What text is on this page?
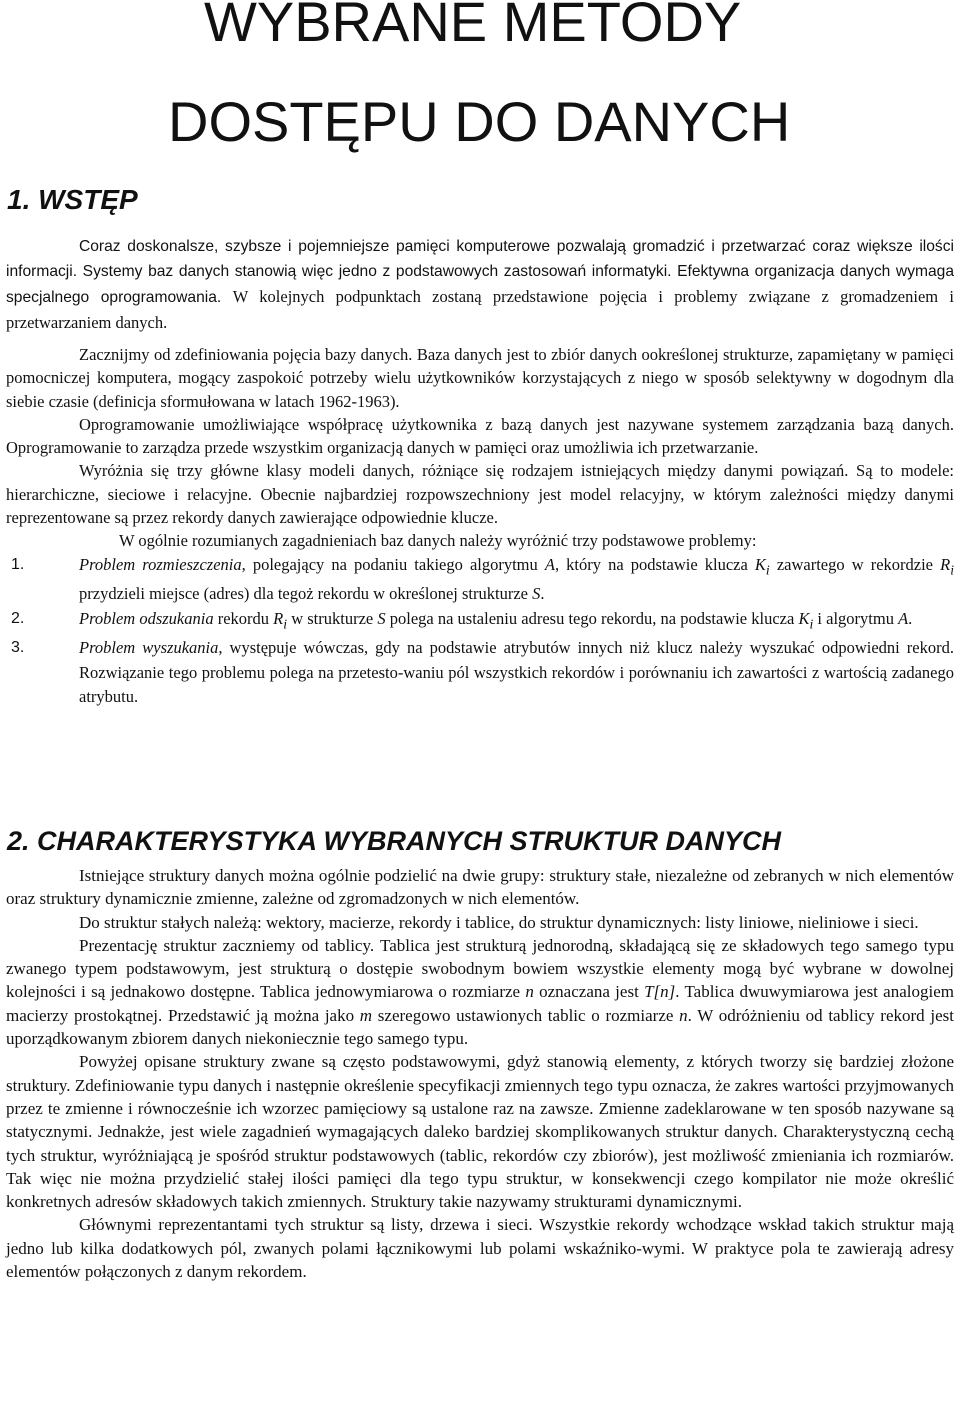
WYBRANE METODY
DOSTĘPU DO DANYCH
1. WSTĘP

Coraz doskonalsze, szybsze i pojemniejsze pamięci komputerowe pozwalają gromadzić i przetwarzać coraz większe ilości informacji. Systemy baz danych stanowią więc jedno z podstawowych zastosowań informatyki. Efektywna organizacja danych wymaga specjalnego oprogramowania. W kolejnych podpunktach zostaną przedstawione pojęcia i problemy związane z gromadzeniem i przetwarzaniem danych.

Zacznijmy od zdefiniowania pojęcia bazy danych. Baza danych jest to zbiór danych ookreślonej strukturze, zapamiętany w pamięci pomocniczej komputera, mogący zaspokoić potrzeby wielu użytkowników korzystających z niego w sposób selektywny w dogodnym dla siebie czasie (definicja sformułowana w latach 1962-1963).

Oprogramowanie umożliwiające współpracę użytkownika z bazą danych jest nazywane systemem zarządzania bazą danych. Oprogramowanie to zarządza przede wszystkim organizacją danych w pamięci oraz umożliwia ich przetwarzanie.

Wyróżnia się trzy główne klasy modeli danych, różniące się rodzajem istniejących między danymi powiązań. Są to modele: hierarchiczne, sieciowe i relacyjne. Obecnie najbardziej rozpowszechniony jest model relacyjny, w którym zależności między danymi reprezentowane są przez rekordy danych zawierające odpowiednie klucze.

W ogólnie rozumianych zagadnieniach baz danych należy wyróżnić trzy podstawowe problemy:

1.	Problem rozmieszczenia, polegający na podaniu takiego algorytmu A, który na podstawie klucza $K_i$ zawartego w rekordzie $R_i$ przydzieli miejsce (adres) dla tegoż rekordu w określonej strukturze S.
2.	Problem odszukania rekordu $R_i$ w strukturze S polega na ustaleniu adresu tego rekordu, na podstawie klucza $K_i$ i algorytmu A.
3.	Problem wyszukania, występuje wówczas, gdy na podstawie atrybutów innych niż klucz należy wyszukać odpowiedni rekord. Rozwiązanie tego problemu polega na przetesto-waniu pól wszystkich rekordów i porównaniu ich zawartości z wartością zadanego atrybutu.
2. CHARAKTERYSTYKA WYBRANYCH STRUKTUR DANYCH

Istniejące struktury danych można ogólnie podzielić na dwie grupy: struktury stałe, niezależne od zebranych w nich elementów oraz struktury dynamicznie zmienne, zależne od zgromadzonych w nich elementów.

Do struktur stałych należą: wektory, macierze, rekordy i tablice, do struktur dynamicznych: listy liniowe, nieliniowe i sieci.

Prezentację struktur zaczniemy od tablicy. Tablica jest strukturą jednorodną, składającą się ze składowych tego samego typu zwanego typem podstawowym, jest strukturą o dostępie swobodnym bowiem wszystkie elementy mogą być wybrane w dowolnej kolejności i są jednakowo dostępne. Tablica jednowymiarowa o rozmiarze n oznaczana jest T[n]. Tablica dwuwymiarowa jest analogiem macierzy prostokątnej. Przedstawić ją można jako m szeregowo ustawionych tablic o rozmiarze n. W odróżnieniu od tablicy rekord jest uporządkowanym zbiorem danych niekoniecznie tego samego typu.

Powyżej opisane struktury zwane są często podstawowymi, gdyż stanowią elementy, z których tworzy się bardziej złożone struktury. Zdefiniowanie typu danych i następnie określenie specyfikacji zmiennych tego typu oznacza, że zakres wartości przyjmowanych przez te zmienne i równocześnie ich wzorzec pamięciowy są ustalone raz na zawsze. Zmienne zadeklarowane w ten sposób nazywane są statycznymi. Jednakże, jest wiele zagadnień wymagających daleko bardziej skomplikowanych struktur danych. Charakterystyczną cechą tych struktur, wyróżniającą je spośród struktur podstawowych (tablic, rekordów czy zbiorów), jest możliwość zmieniania ich rozmiarów. Tak więc nie można przydzielić stałej ilości pamięci dla tego typu struktur, w konsekwencji czego kompilator nie może określić konkretnych adresów składowych takich zmiennych. Struktury takie nazywamy strukturami dynamicznymi.

Głównymi reprezentantami tych struktur są listy, drzewa i sieci. Wszystkie rekordy wchodzące wskład takich struktur mają jedno lub kilka dodatkowych pól, zwanych polami łącznikowymi lub polami wskaźniko-wymi. W praktyce pola te zawierają adresy elementów połączonych z danym rekordem.
